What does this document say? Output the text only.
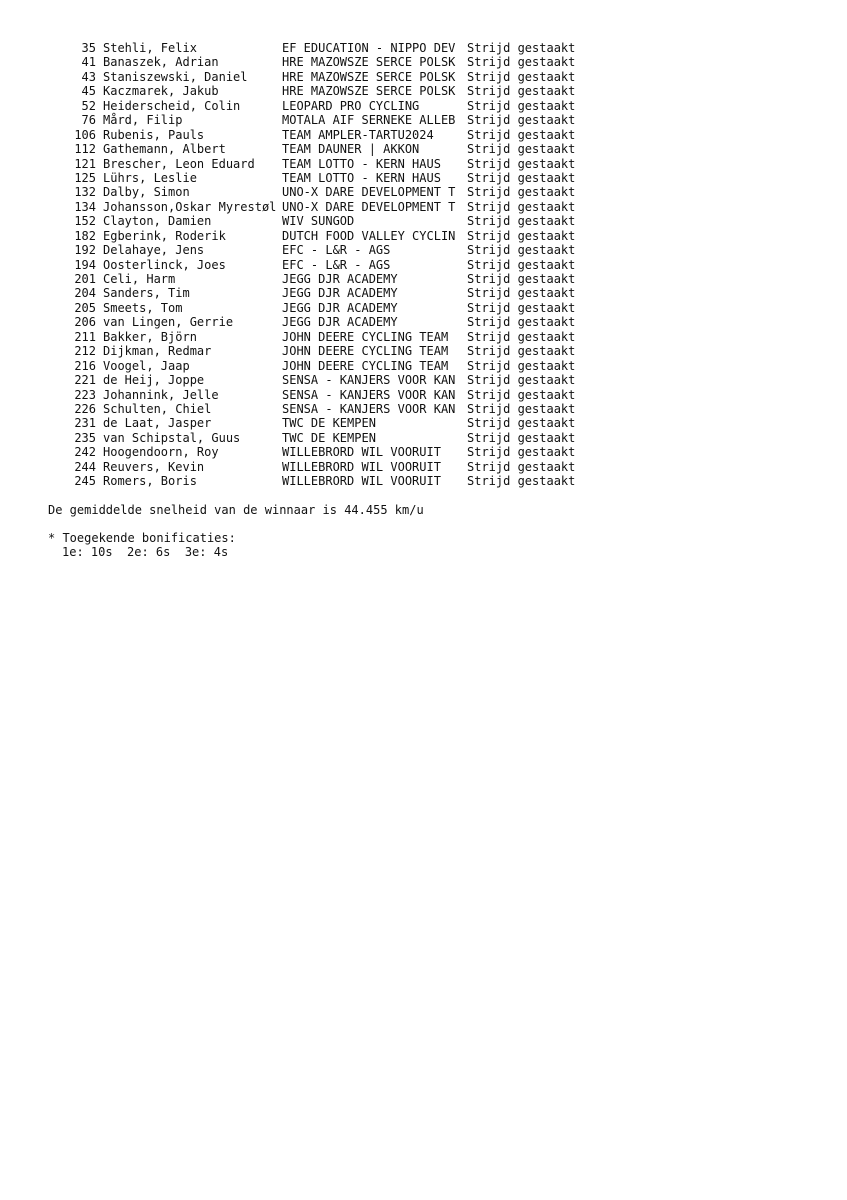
35 Stehli, Felix	EF EDUCATION - NIPPO DEV Strijd gestaakt
41 Banaszek, Adrian	HRE MAZOWSZE SERCE POLSK Strijd gestaakt
43 Staniszewski, Daniel	HRE MAZOWSZE SERCE POLSK Strijd gestaakt
45 Kaczmarek, Jakub	HRE MAZOWSZE SERCE POLSK Strijd gestaakt
52 Heiderscheid, Colin	LEOPARD PRO CYCLING	Strijd gestaakt
76 Mård, Filip	MOTALA AIF SERNEKE ALLEB Strijd gestaakt
106 Rubenis, Pauls	TEAM AMPLER-TARTU2024	Strijd gestaakt
112 Gathemann, Albert	TEAM DAUNER | AKKON	Strijd gestaakt
121 Brescher, Leon Eduard TEAM LOTTO - KERN HAUS Strijd gestaakt
125 Lührs, Leslie	TEAM LOTTO - KERN HAUS Strijd gestaakt
132 Dalby, Simon	UNO-X DARE DEVELOPMENT T Strijd gestaakt
134 Johansson,Oskar Myrestøl UNO-X DARE DEVELOPMENT T Strijd gestaakt
152 Clayton, Damien	WIV SUNGOD	Strijd gestaakt
182 Egberink, Roderik	DUTCH FOOD VALLEY CYCLIN Strijd gestaakt
192 Delahaye, Jens	EFC - L&R - AGS	Strijd gestaakt
194 Oosterlinck, Joes	EFC - L&R - AGS	Strijd gestaakt
201 Celi, Harm	JEGG DJR ACADEMY	Strijd gestaakt
204 Sanders, Tim	JEGG DJR ACADEMY	Strijd gestaakt
205 Smeets, Tom	JEGG DJR ACADEMY	Strijd gestaakt
206 van Lingen, Gerrie	JEGG DJR ACADEMY	Strijd gestaakt
211 Bakker, Björn	JOHN DEERE CYCLING TEAM Strijd gestaakt
212 Dijkman, Redmar	JOHN DEERE CYCLING TEAM Strijd gestaakt
216 Voogel, Jaap	JOHN DEERE CYCLING TEAM Strijd gestaakt
221 de Heij, Joppe	SENSA - KANJERS VOOR KAN Strijd gestaakt
223 Johannink, Jelle	SENSA - KANJERS VOOR KAN Strijd gestaakt
226 Schulten, Chiel	SENSA - KANJERS VOOR KAN Strijd gestaakt
231 de Laat, Jasper	TWC DE KEMPEN	Strijd gestaakt
235 van Schipstal, Guus	TWC DE KEMPEN	Strijd gestaakt
242 Hoogendoorn, Roy	WILLEBRORD WIL VOORUIT Strijd gestaakt
244 Reuvers, Kevin	WILLEBRORD WIL VOORUIT Strijd gestaakt
245 Romers, Boris	WILLEBRORD WIL VOORUIT Strijd gestaakt
De gemiddelde snelheid van de winnaar is 44.455 km/u
* Toegekende bonificaties:
1e: 10s  2e: 6s  3e: 4s
